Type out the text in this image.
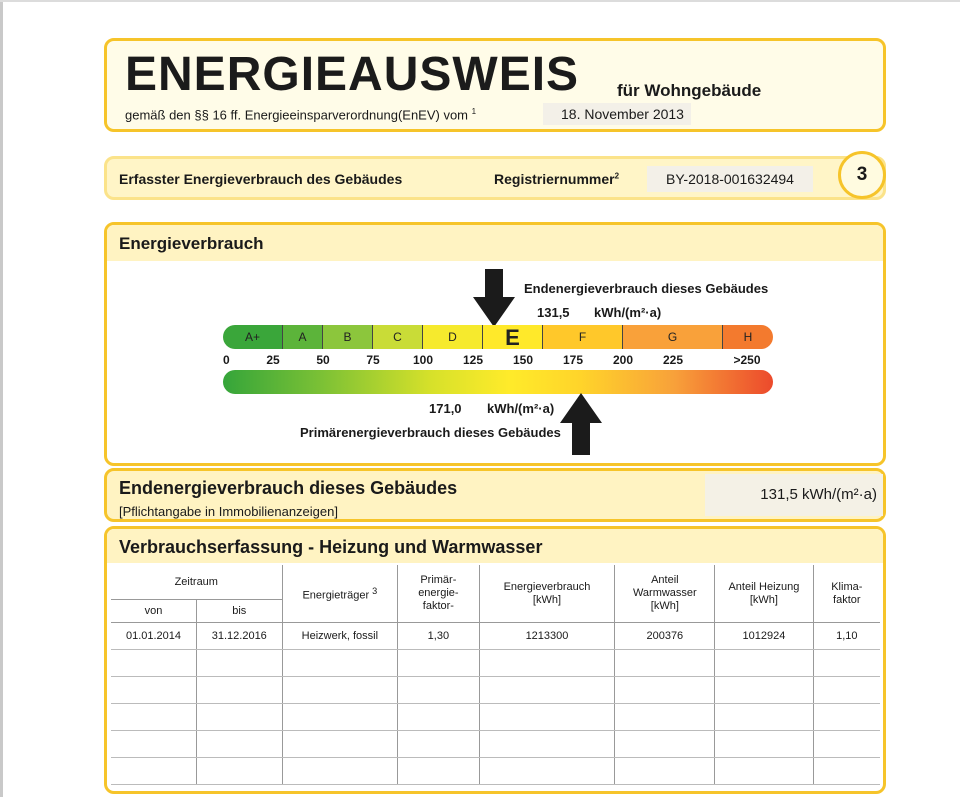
ENERGIEAUSWEIS für Wohngebäude
gemäß den §§ 16 ff. Energieeinsparverordnung(EnEV) vom $^1$	18. November 2013
Erfasster Energieverbrauch des Gebäudes	Registriernummer$^2$	BY-2018-001632494	3
Energieverbrauch
Endenergieverbrauch dieses Gebäudes
131,5 kWh/(m²·a)
A+	A	B	C	D	E	F	G	H
0	25	50	75	100 125 150 175 200 225	>250
171,0 kWh/(m²·a)
Primärenergieverbrauch dieses Gebäudes
Endenergieverbrauch dieses Gebäudes
[Pflichtangabe in Immobilienanzeigen]
131,5 kWh/(m²·a)
Verbrauchserfassung - Heizung und Warmwasser
Zeitraum		Energieträger $^3$	Primär- energie- faktor-	Energieverbrauch [kWh]	Anteil Warmwasser [kWh]	Anteil Heizung [kWh]	Klima- faktor
von	bis						
01.01.2014	31.12.2016	Heizwerk, fossil	1,30	1213300	200376	1012924	1,10
